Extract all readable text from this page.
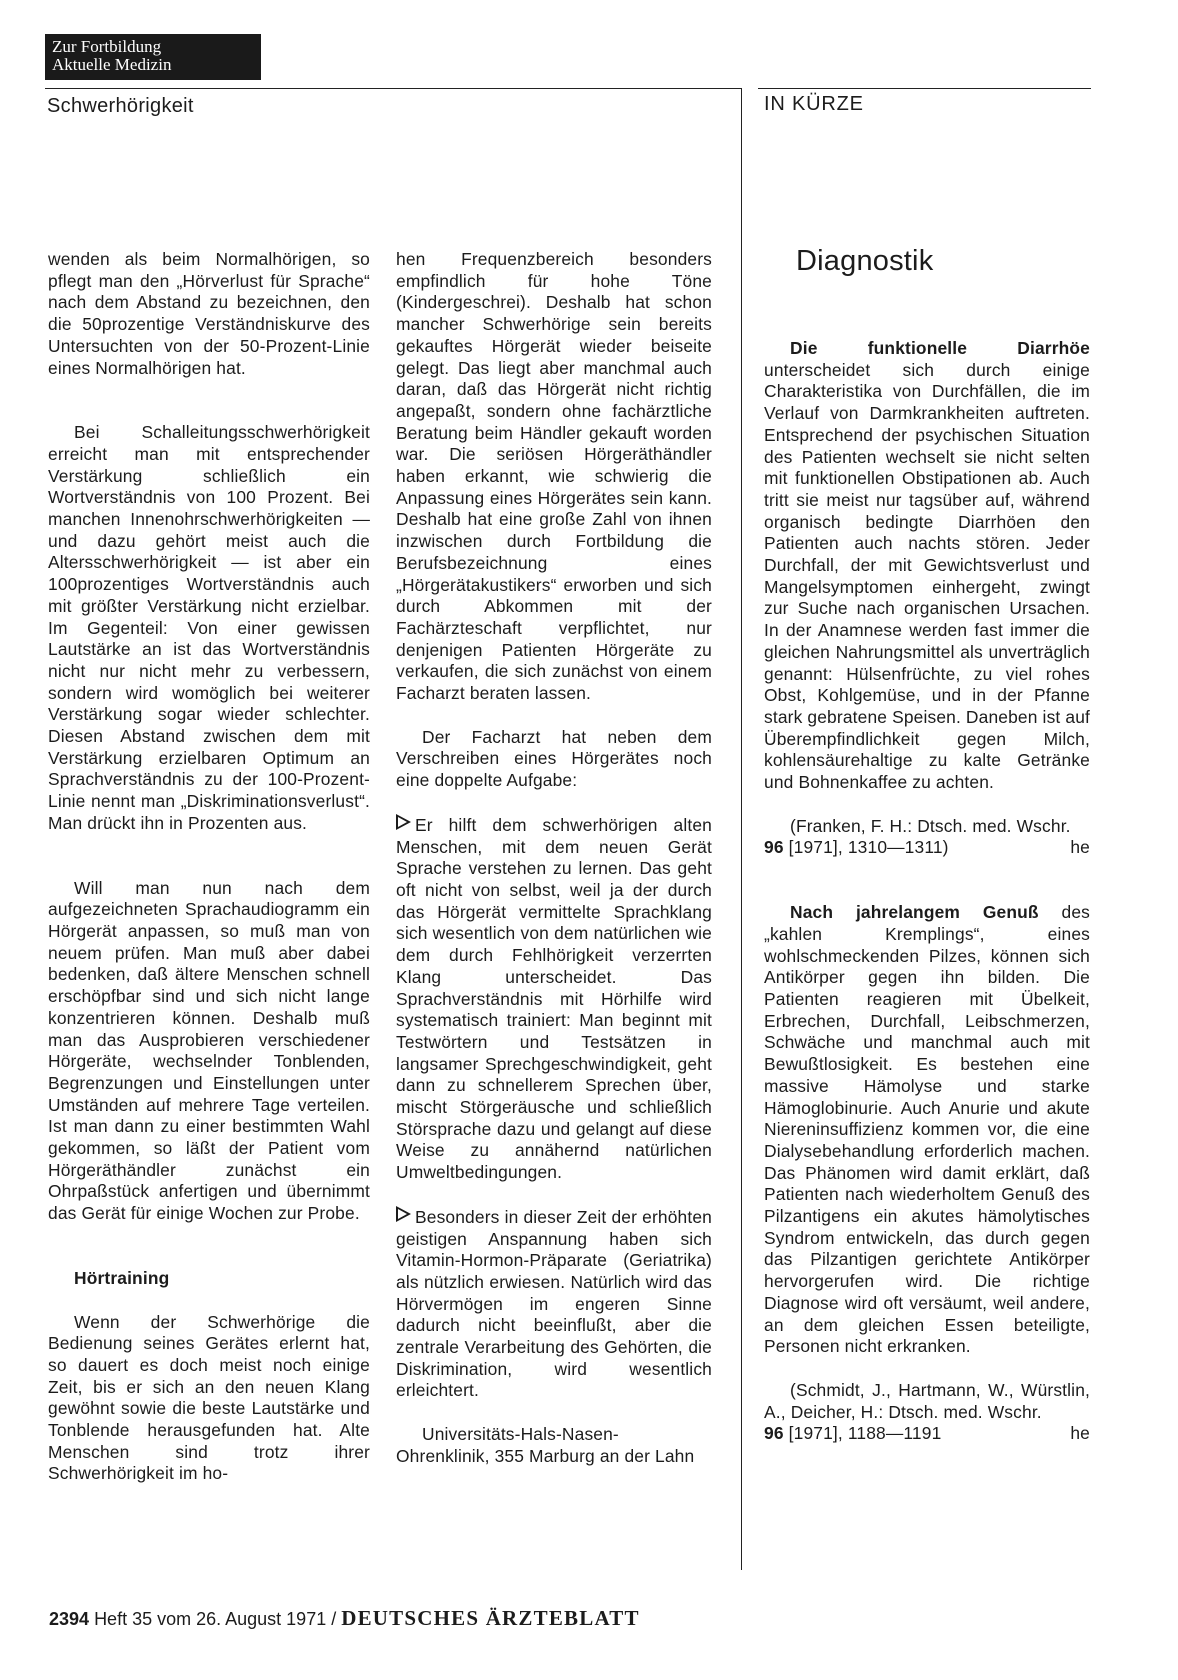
Zur Fortbildung
Aktuelle Medizin
Schwerhörigkeit	IN KÜRZE

wenden als beim Normalhörigen, so pflegt man den „Hörverlust für Sprache“ nach dem Abstand zu bezeichnen, den die 50prozentige Verständniskurve des Untersuchten von der 50-Prozent-Linie eines Normalhörigen hat.

Bei Schalleitungsschwerhörigkeit erreicht man mit entsprechender Verstärkung schließlich ein Wortverständnis von 100 Prozent. Bei manchen Innenohrschwerhörigkeiten — und dazu gehört meist auch die Altersschwerhörigkeit — ist aber ein 100prozentiges Wortverständnis auch mit größter Verstärkung nicht erzielbar. Im Gegenteil: Von einer gewissen Lautstärke an ist das Wortverständnis nicht nur nicht mehr zu verbessern, sondern wird womöglich bei weiterer Verstärkung sogar wieder schlechter. Diesen Abstand zwischen dem mit Verstärkung erzielbaren Optimum an Sprachverständnis zu der 100-Prozent-Linie nennt man „Diskriminationsverlust“. Man drückt ihn in Prozenten aus.

Will man nun nach dem aufgezeichneten Sprachaudiogramm ein Hörgerät anpassen, so muß man von neuem prüfen. Man muß aber dabei bedenken, daß ältere Menschen schnell erschöpfbar sind und sich nicht lange konzentrieren können. Deshalb muß man das Ausprobieren verschiedener Hörgeräte, wechselnder Tonblenden, Begrenzungen und Einstellungen unter Umständen auf mehrere Tage verteilen. Ist man dann zu einer bestimmten Wahl gekommen, so läßt der Patient vom Hörgeräthändler zunächst ein Ohrpaßstück anfertigen und übernimmt das Gerät für einige Wochen zur Probe.

Hörtraining

Wenn der Schwerhörige die Bedienung seines Gerätes erlernt hat, so dauert es doch meist noch einige Zeit, bis er sich an den neuen Klang gewöhnt sowie die beste Lautstärke und Tonblende herausgefunden hat. Alte Menschen sind trotz ihrer Schwerhörigkeit im ho-

hen Frequenzbereich besonders empfindlich für hohe Töne (Kindergeschrei). Deshalb hat schon mancher Schwerhörige sein bereits gekauftes Hörgerät wieder beiseite gelegt. Das liegt aber manchmal auch daran, daß das Hörgerät nicht richtig angepaßt, sondern ohne fachärztliche Beratung beim Händler gekauft worden war. Die seriösen Hörgeräthändler haben erkannt, wie schwierig die Anpassung eines Hörgerätes sein kann. Deshalb hat eine große Zahl von ihnen inzwischen durch Fortbildung die Berufsbezeichnung eines „Hörgerätakustikers“ erworben und sich durch Abkommen mit der Fachärzteschaft verpflichtet, nur denjenigen Patienten Hörgeräte zu verkaufen, die sich zunächst von einem Facharzt beraten lassen.

Der Facharzt hat neben dem Verschreiben eines Hörgerätes noch eine doppelte Aufgabe:

Er hilft dem schwerhörigen alten Menschen, mit dem neuen Gerät Sprache verstehen zu lernen. Das geht oft nicht von selbst, weil ja der durch das Hörgerät vermittelte Sprachklang sich wesentlich von dem natürlichen wie dem durch Fehlhörigkeit verzerrten Klang unterscheidet. Das Sprachverständnis mit Hörhilfe wird systematisch trainiert: Man beginnt mit Testwörtern und Testsätzen in langsamer Sprechgeschwindigkeit, geht dann zu schnellerem Sprechen über, mischt Störgeräusche und schließlich Störsprache dazu und gelangt auf diese Weise zu annähernd natürlichen Umweltbedingungen.

Besonders in dieser Zeit der erhöhten geistigen Anspannung haben sich Vitamin-Hormon-Präparate (Geriatrika) als nützlich erwiesen. Natürlich wird das Hörvermögen im engeren Sinne dadurch nicht beeinflußt, aber die zentrale Verarbeitung des Gehörten, die Diskrimination, wird wesentlich erleichtert.

Universitäts-Hals-Nasen-Ohrenklinik, 355 Marburg an der Lahn

Diagnostik

Die funktionelle Diarrhöe unterscheidet sich durch einige Charakteristika von Durchfällen, die im Verlauf von Darmkrankheiten auftreten. Entsprechend der psychischen Situation des Patienten wechselt sie nicht selten mit funktionellen Obstipationen ab. Auch tritt sie meist nur tagsüber auf, während organisch bedingte Diarrhöen den Patienten auch nachts stören. Jeder Durchfall, der mit Gewichtsverlust und Mangelsymptomen einhergeht, zwingt zur Suche nach organischen Ursachen. In der Anamnese werden fast immer die gleichen Nahrungsmittel als unverträglich genannt: Hülsenfrüchte, zu viel rohes Obst, Kohlgemüse, und in der Pfanne stark gebratene Speisen. Daneben ist auf Überempfindlichkeit gegen Milch, kohlensäurehaltige zu kalte Getränke und Bohnenkaffee zu achten.

(Franken, F. H.: Dtsch. med. Wschr.

96 [1971], 1310—1311)	he

Nach jahrelangem Genuß des „kahlen Kremplings“, eines wohlschmeckenden Pilzes, können sich Antikörper gegen ihn bilden. Die Patienten reagieren mit Übelkeit, Erbrechen, Durchfall, Leibschmerzen, Schwäche und manchmal auch mit Bewußtlosigkeit. Es bestehen eine massive Hämolyse und starke Hämoglobinurie. Auch Anurie und akute Niereninsuffizienz kommen vor, die eine Dialysebehandlung erforderlich machen. Das Phänomen wird damit erklärt, daß Patienten nach wiederholtem Genuß des Pilzantigens ein akutes hämolytisches Syndrom entwickeln, das durch gegen das Pilzantigen gerichtete Antikörper hervorgerufen wird. Die richtige Diagnose wird oft versäumt, weil andere, an dem gleichen Essen beteiligte, Personen nicht erkranken.

(Schmidt, J., Hartmann, W., Würstlin, A., Deicher, H.: Dtsch. med. Wschr.

96 [1971], 1188—1191	he
2394 Heft 35 vom 26. August 1971 / DEUTSCHES ÄRZTEBLATT
